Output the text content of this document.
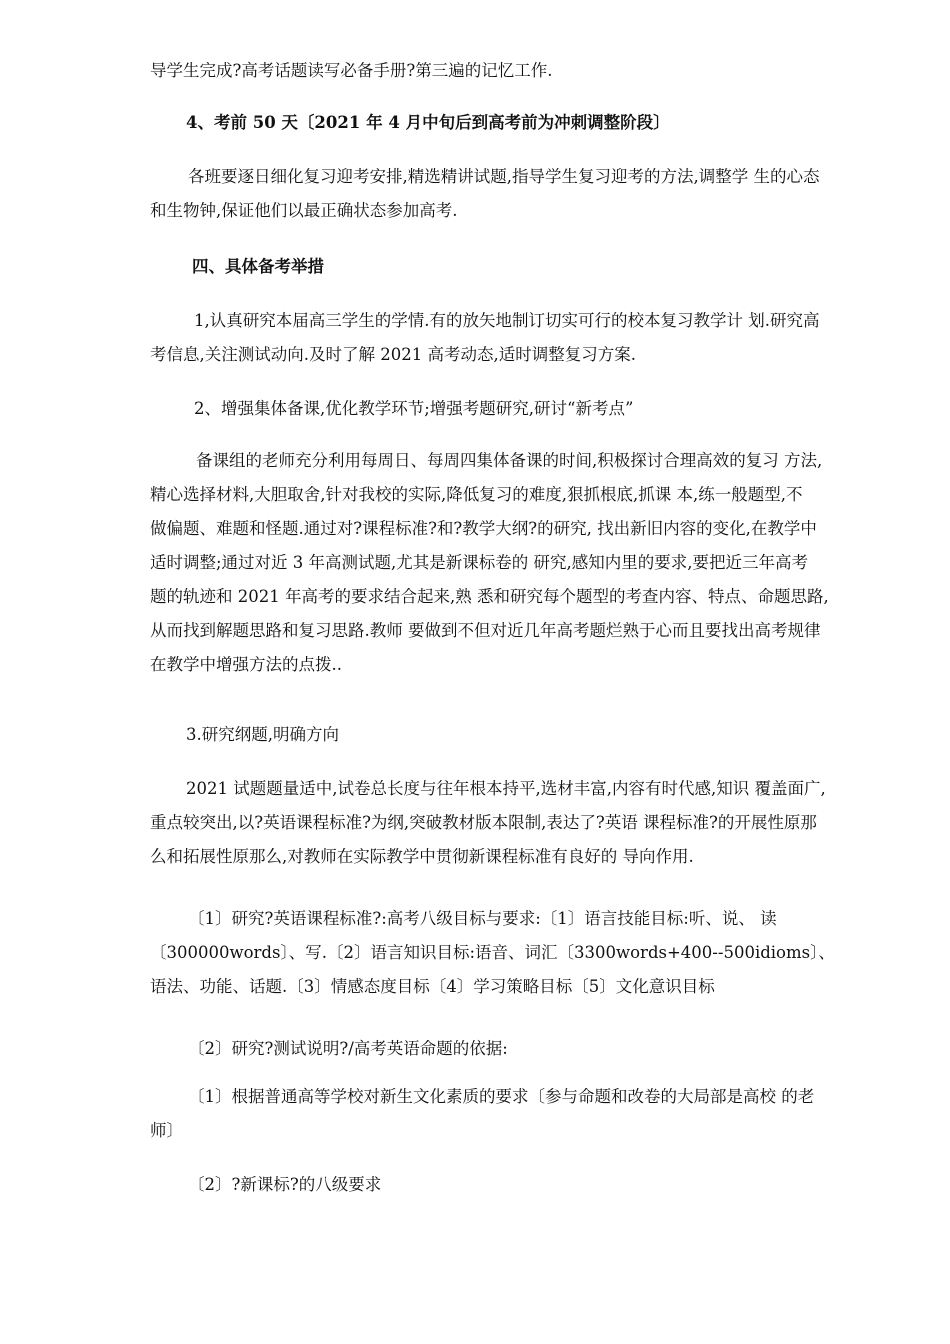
导学生完成?高考话题读写必备手册?第三遍的记忆工作.
4、考前 50 天〔2021 年 4 月中旬后到高考前为冲刺调整阶段〕
各班要逐日细化复习迎考安排,精选精讲试题,指导学生复习迎考的方法,调整学 生的心态
和生物钟,保证他们以最正确状态参加高考.
四、具体备考举措
1,认真研究本届高三学生的学情.有的放矢地制订切实可行的校本复习教学计 划.研究高
考信息,关注测试动向.及时了解 2021 高考动态,适时调整复习方案.
2、增强集体备课,优化教学环节;增强考题研究,研讨“新考点”
备课组的老师充分利用每周日、每周四集体备课的时间,积极探讨合理高效的复习 方法,
精心选择材料,大胆取舍,针对我校的实际,降低复习的难度,狠抓根底,抓课 本,练一般题型,不
做偏题、难题和怪题.通过对?课程标准?和?教学大纲?的研究, 找出新旧内容的变化,在教学中
适时调整;通过对近 3 年高测试题,尤其是新课标卷的 研究,感知内里的要求,要把近三年高考
题的轨迹和 2021 年高考的要求结合起来,熟 悉和研究每个题型的考查内容、特点、命题思路,
从而找到解题思路和复习思路.教师 要做到不但对近几年高考题烂熟于心而且要找出高考规律
在教学中增强方法的点拨..
3.研究纲题,明确方向
2021 试题题量适中,试卷总长度与往年根本持平,选材丰富,内容有时代感,知识 覆盖面广,
重点较突出,以?英语课程标准?为纲,突破教材版本限制,表达了?英语 课程标准?的开展性原那
么和拓展性原那么,对教师在实际教学中贯彻新课程标准有良好的 导向作用.
〔1〕研究?英语课程标准?:高考八级目标与要求:〔1〕语言技能目标:听、说、 读
〔300000words〕、写.〔2〕语言知识目标:语音、词汇〔3300words+400--500idioms〕、
语法、功能、话题.〔3〕情感态度目标〔4〕学习策略目标〔5〕文化意识目标
〔2〕研究?测试说明?/高考英语命题的依据:
〔1〕根据普通高等学校对新生文化素质的要求〔参与命题和改卷的大局部是高校 的老
师〕
〔2〕?新课标?的八级要求
